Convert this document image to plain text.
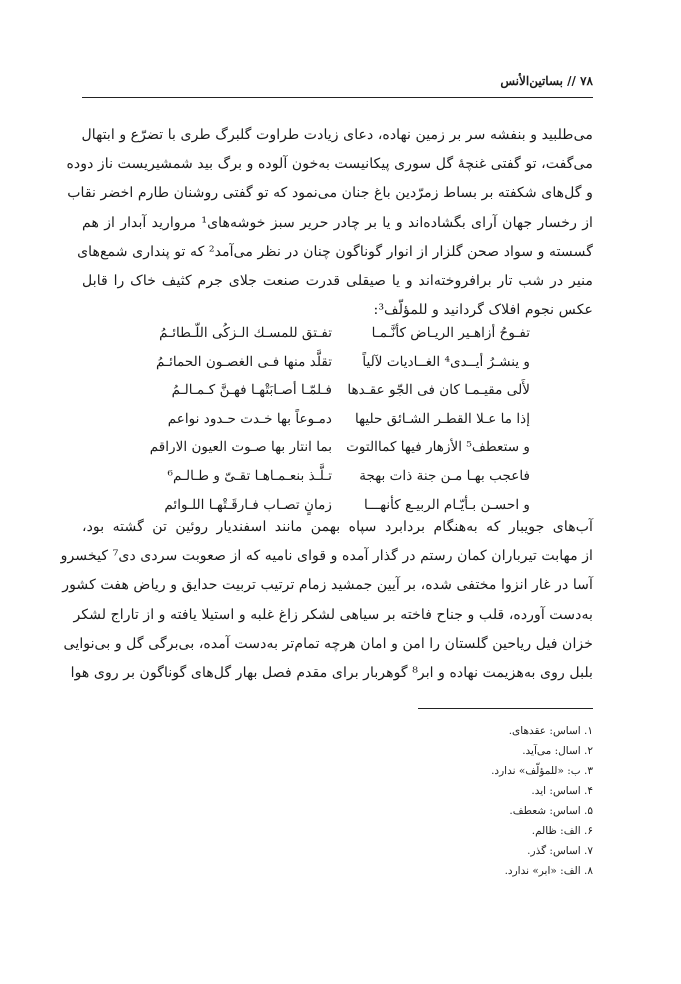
۷۸ // بساتین‌الأنس
می‌طلبید و بنفشه سر بر زمین نهاده، دعای زیادت طراوت گلبرگ طری با تضرّع و ابتهال
می‌گفت، تو گفتی غنچهٔ گل سوری پیکانیست به‌خون آلوده و برگ بید شمشیریست ناز دوده
و گل‌های شکفته بر بساط زمرّدین باغ جنان می‌نمود که تو گفتی روشنان طارم اخضر نقاب
از رخسار جهان آرای بگشاده‌اند و یا بر چادر حریر سبز خوشه‌های¹ مروارید آبدار از هم
گسسته و سواد صحن گلزار از انوار گوناگون چنان در نظر می‌آمد² که تو پنداری شمع‌های
منیر در شب تار برافروخته‌اند و یا صیقلی قدرت صنعت جلای جرم کثیف خاک را قابل
عکس نجوم افلاک گردانید و للمؤلّف³:
تفـوحُ أزاهـیر الریـاض كأنَّـمـا
تفـتق للمسـك الـزکُی اللّـطائـمُ
و ینشـرُ أیــدی⁴ الغــادیات لآلیاً
تقلَّد منها فـی الغصـون الحمائـمُ
لأَلی مقیـمـا كان فی الجّو عقـدها
فـلمّـا أصـابَتْهـا فهـنَّ كـمـالـمُ
إذا ما عـلا القطـر الشـائق حلیها
دمـوعاً بها خـدت حـدود نواعم
و ستعطف⁵ الأزهار فیها كماالتوت
بما انتار بها صـوت العیون الاراقم
فاعجب بهـا مـن جنة ذات بهجة
تـلَّـذ بنعـمـاهـا تقـیّ و طـالـم⁶
و احسـن بـأیّـام الربیـع كأنهـــا
زمانٍ تصـاب فـارقَـتْهـا اللـوائم
آب‌های جویبار که به‌هنگام بردابرد سپاه بهمن مانند اسفندیار روئین تن گشته بود،
از مهابت تیرباران کمان رستم در گذار آمده و قوای نامیه که از صعوبت سردی دی⁷ کیخسرو
آسا در غار انزوا مختفی شده، بر آیین جمشید زمام ترتیب تربیت حدایق و ریاض هفت کشور
به‌دست آورده، قلب و جناح فاخته بر سیاهی لشکر زاغ غلبه و استیلا یافته و از تاراج لشکر
خزان فیل ریاحین گلستان را امن و امان هرچه تمام‌تر به‌دست آمده، بی‌برگی گل و بی‌نوایی
بلبل روی به‌هزیمت نهاده و ابر⁸ گوهربار برای مقدم فصل بهار گل‌های گوناگون بر روی هوا
۱. اساس: عقدهای.
۲. اسال: می‌آید.
۳. ب: «للمؤلّف» ندارد.
۴. اساس: اید.
۵. اساس: شعطف.
۶. الف: ظالم.
۷. اساس: گذر.
۸. الف: «ابر» ندارد.
